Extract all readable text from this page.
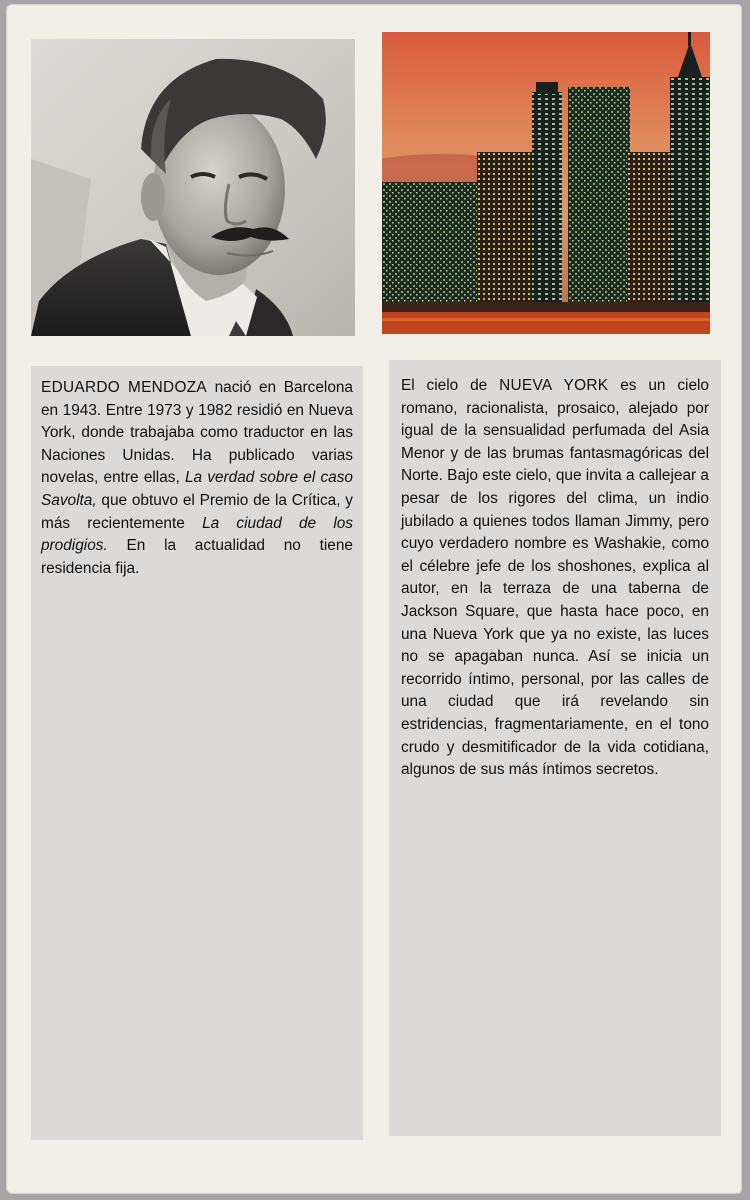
EDUARDO MENDOZA nació en Barcelona en 1943. Entre 1973 y 1982 residió en Nueva York, donde trabajaba como traductor en las Naciones Unidas. Ha publicado varias novelas, entre ellas, La verdad sobre el caso Savolta, que obtuvo el Premio de la Crítica, y más recientemente La ciudad de los prodigios. En la actualidad no tiene residencia fija.

El cielo de NUEVA YORK es un cielo romano, racionalista, prosaico, alejado por igual de la sensualidad perfumada del Asia Menor y de las brumas fantasmagóricas del Norte. Bajo este cielo, que invita a callejear a pesar de los rigores del clima, un indio jubilado a quienes todos llaman Jimmy, pero cuyo verdadero nombre es Washakie, como el célebre jefe de los shoshones, explica al autor, en la terraza de una taberna de Jackson Square, que hasta hace poco, en una Nueva York que ya no existe, las luces no se apagaban nunca. Así se inicia un recorrido íntimo, personal, por las calles de una ciudad que irá revelando sin estridencias, fragmentariamente, en el tono crudo y desmitificador de la vida cotidiana, algunos de sus más íntimos secretos.
